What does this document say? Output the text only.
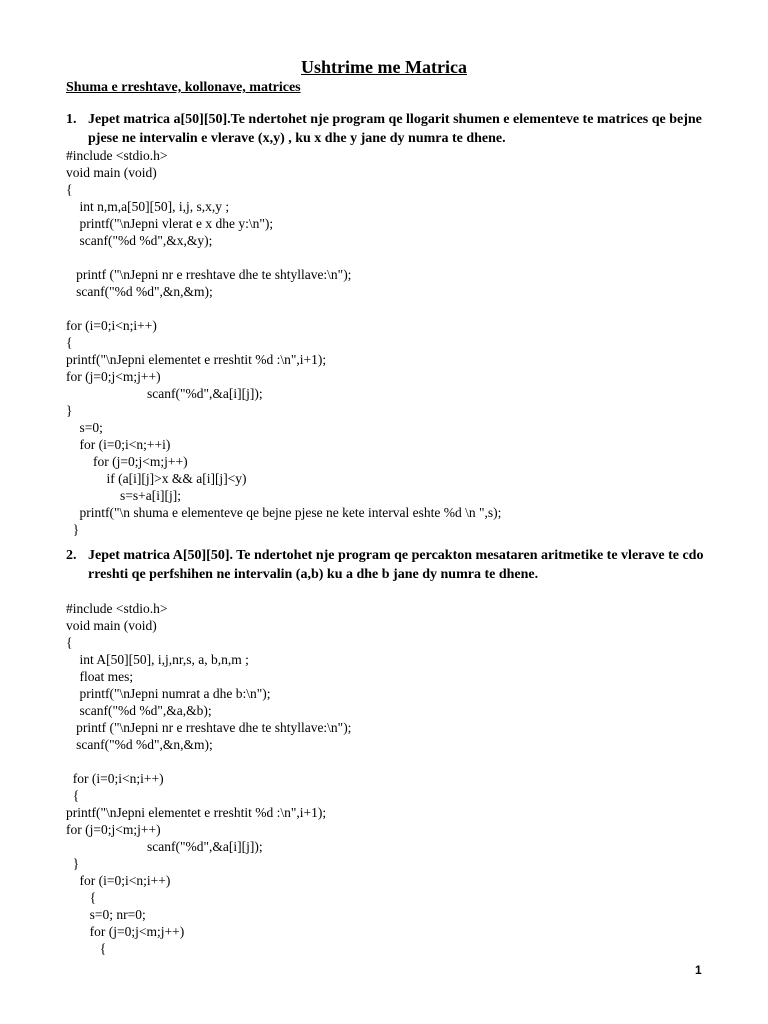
Ushtrime me Matrica
Shuma e rreshtave, kollonave, matrices
1. Jepet matrica a[50][50].Te ndertohet nje program qe llogarit shumen e elementeve te matrices qe bejne pjese ne intervalin e vlerave (x,y) , ku x dhe y jane dy numra te dhene.
#include <stdio.h>
void main (void)
{
int n,m,a[50][50], i,j, s,x,y ;
printf("\nJepni vlerat e x dhe y:\n");
scanf("%d %d",&x,&y);
printf ("\nJepni nr e rreshtave dhe te shtyllave:\n");
scanf("%d %d",&n,&m);
for (i=0;i<n;i++)
{
printf("\nJepni elementet e rreshtit %d :\n",i+1);
for (j=0;j<m;j++)
scanf("%d",&a[i][j]);
}
s=0;
for (i=0;i<n;++i)
for (j=0;j<m;j++)
if (a[i][j]>x && a[i][j]<y)
s=s+a[i][j];
printf("\n shuma e elementeve qe bejne pjese ne kete interval eshte %d \n ",s);
}
2. Jepet matrica A[50][50]. Te ndertohet nje program qe percakton mesataren aritmetike te vlerave te cdo rreshti qe perfshihen ne intervalin (a,b) ku a dhe b jane dy numra te dhene.
#include <stdio.h>
void main (void)
{
int A[50][50], i,j,nr,s, a, b,n,m ;
float mes;
printf("\nJepni numrat a dhe b:\n");
scanf("%d %d",&a,&b);
printf ("\nJepni nr e rreshtave dhe te shtyllave:\n");
scanf("%d %d",&n,&m);
for (i=0;i<n;i++)
{
printf("\nJepni elementet e rreshtit %d :\n",i+1);
for (j=0;j<m;j++)
scanf("%d",&a[i][j]);
}
for (i=0;i<n;i++)
{
s=0; nr=0;
for (j=0;j<m;j++)
{
1
